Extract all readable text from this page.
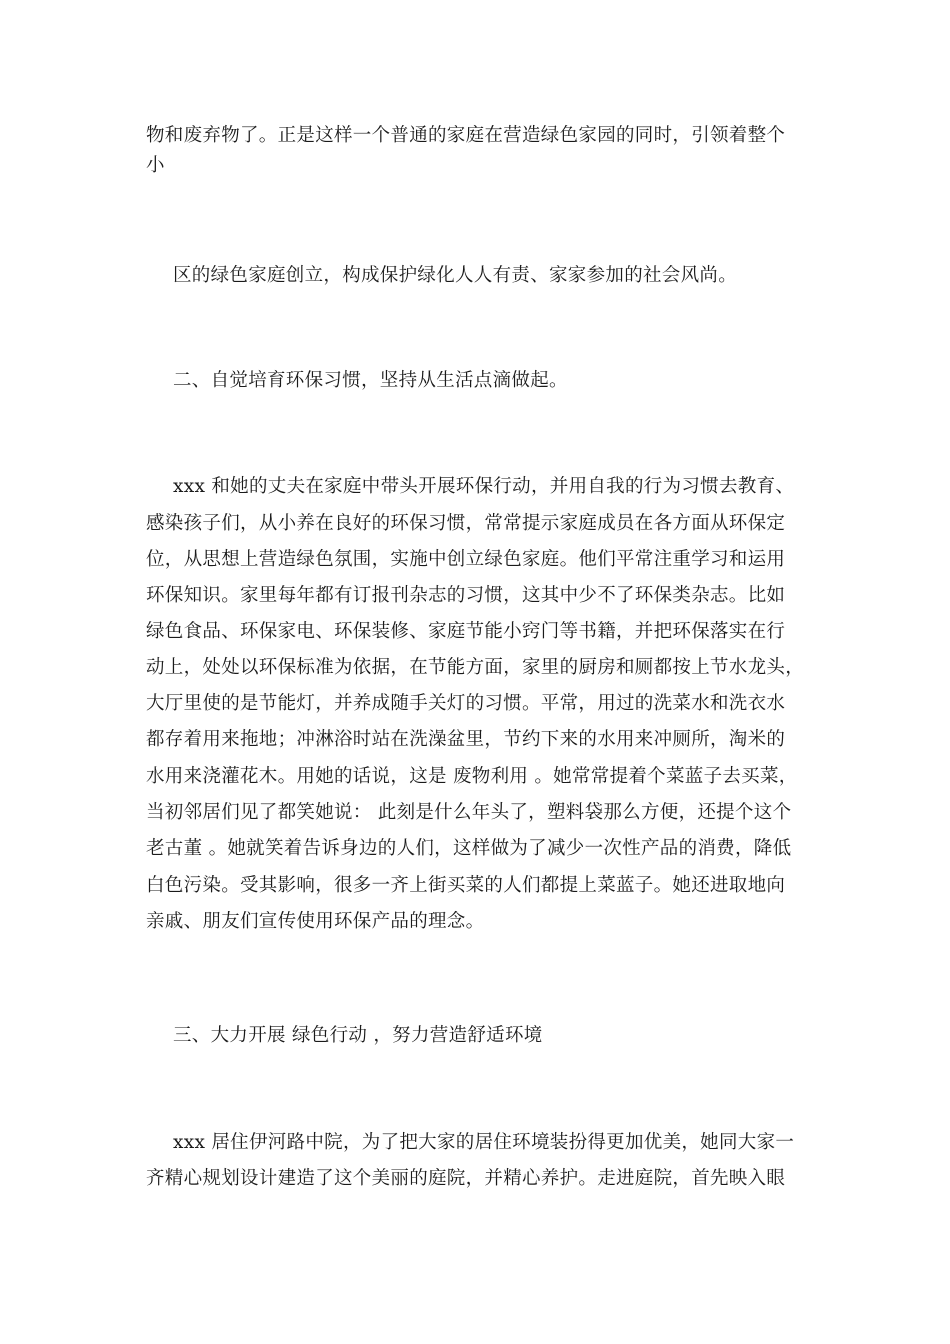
物和废弃物了。正是这样一个普通的家庭在营造绿色家园的同时，引领着整个
小
区的绿色家庭创立，构成保护绿化人人有责、家家参加的社会风尚。
二、自觉培育环保习惯，坚持从生活点滴做起。
xxx 和她的丈夫在家庭中带头开展环保行动，并用自我的行为习惯去教育、
感染孩子们，从小养在良好的环保习惯，常常提示家庭成员在各方面从环保定
位，从思想上营造绿色氛围，实施中创立绿色家庭。他们平常注重学习和运用
环保知识。家里每年都有订报刊杂志的习惯，这其中少不了环保类杂志。比如
绿色食品、环保家电、环保装修、家庭节能小窍门等书籍，并把环保落实在行
动上，处处以环保标准为依据，在节能方面，家里的厨房和厕都按上节水龙头，
大厅里使的是节能灯，并养成随手关灯的习惯。平常，用过的洗菜水和洗衣水
都存着用来拖地；冲淋浴时站在洗澡盆里，节约下来的水用来冲厕所，淘米的
水用来浇灌花木。用她的话说，这是 废物利用 。她常常提着个菜蓝子去买菜，
当初邻居们见了都笑她说： 此刻是什么年头了，塑料袋那么方便，还提个这个
老古董 。她就笑着告诉身边的人们，这样做为了减少一次性产品的消费，降低
白色污染。受其影响，很多一齐上街买菜的人们都提上菜蓝子。她还进取地向
亲戚、朋友们宣传使用环保产品的理念。
三、大力开展 绿色行动 ，努力营造舒适环境
xxx 居住伊河路中院，为了把大家的居住环境装扮得更加优美，她同大家一
齐精心规划设计建造了这个美丽的庭院，并精心养护。走进庭院，首先映入眼
